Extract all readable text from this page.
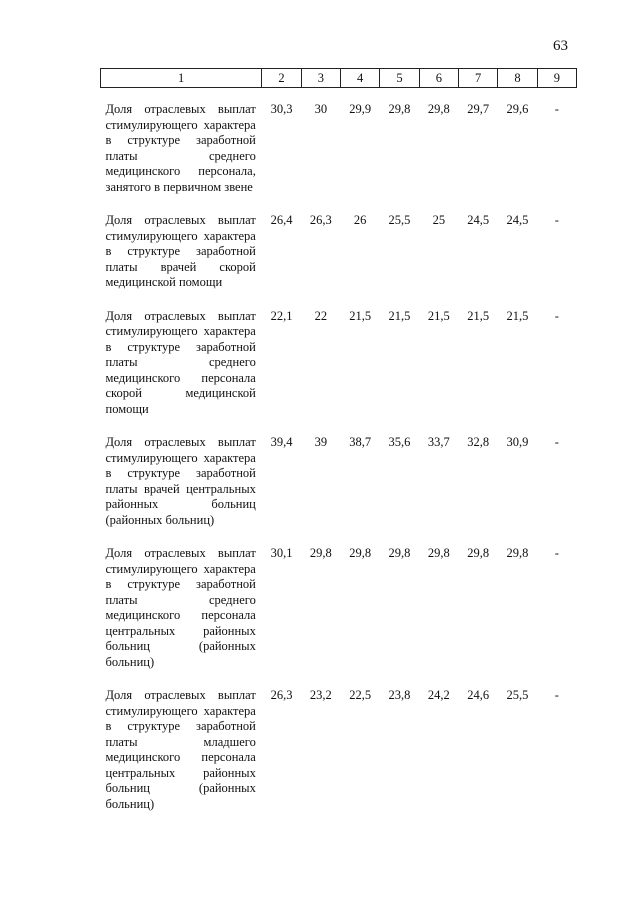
63
1	2	3	4	5	6	7	8	9

Доля отраслевых выплат стимулирующего характера в структуре заработной платы среднего медицинского персонала, занятого в первичном звене	30,3	30	29,9	29,8	29,8	29,7	29,6	-

Доля отраслевых выплат стимулирующего характера в структуре заработной платы врачей скорой медицинской помощи	26,4	26,3	26	25,5	25	24,5	24,5	-

Доля отраслевых выплат стимулирующего характера в структуре заработной платы среднего медицинского персонала скорой медицинской помощи	22,1	22	21,5	21,5	21,5	21,5	21,5	-

Доля отраслевых выплат стимулирующего характера в структуре заработной платы врачей центральных районных больниц (районных больниц)	39,4	39	38,7	35,6	33,7	32,8	30,9	-

Доля отраслевых выплат стимулирующего характера в структуре заработной платы среднего медицинского персонала центральных районных больниц (районных больниц)	30,1	29,8	29,8	29,8	29,8	29,8	29,8	-

Доля отраслевых выплат стимулирующего характера в структуре заработной платы младшего медицинского персонала центральных районных больниц (районных больниц)	26,3	23,2	22,5	23,8	24,2	24,6	25,5	-
